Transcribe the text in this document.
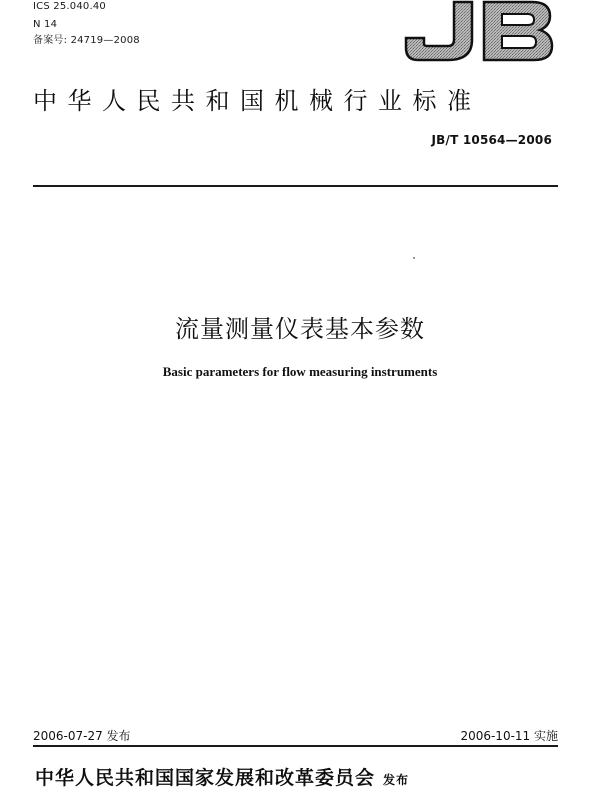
ICS 25.040.40
N 14
备案号: 24719—2008
中华人民共和国机械行业标准
JB/T 10564—2006
流量测量仪表基本参数
Basic parameters for flow measuring instruments
2006-07-27 发布	2006-10-11 实施
中华人民共和国国家发展和改革委员会 发布
